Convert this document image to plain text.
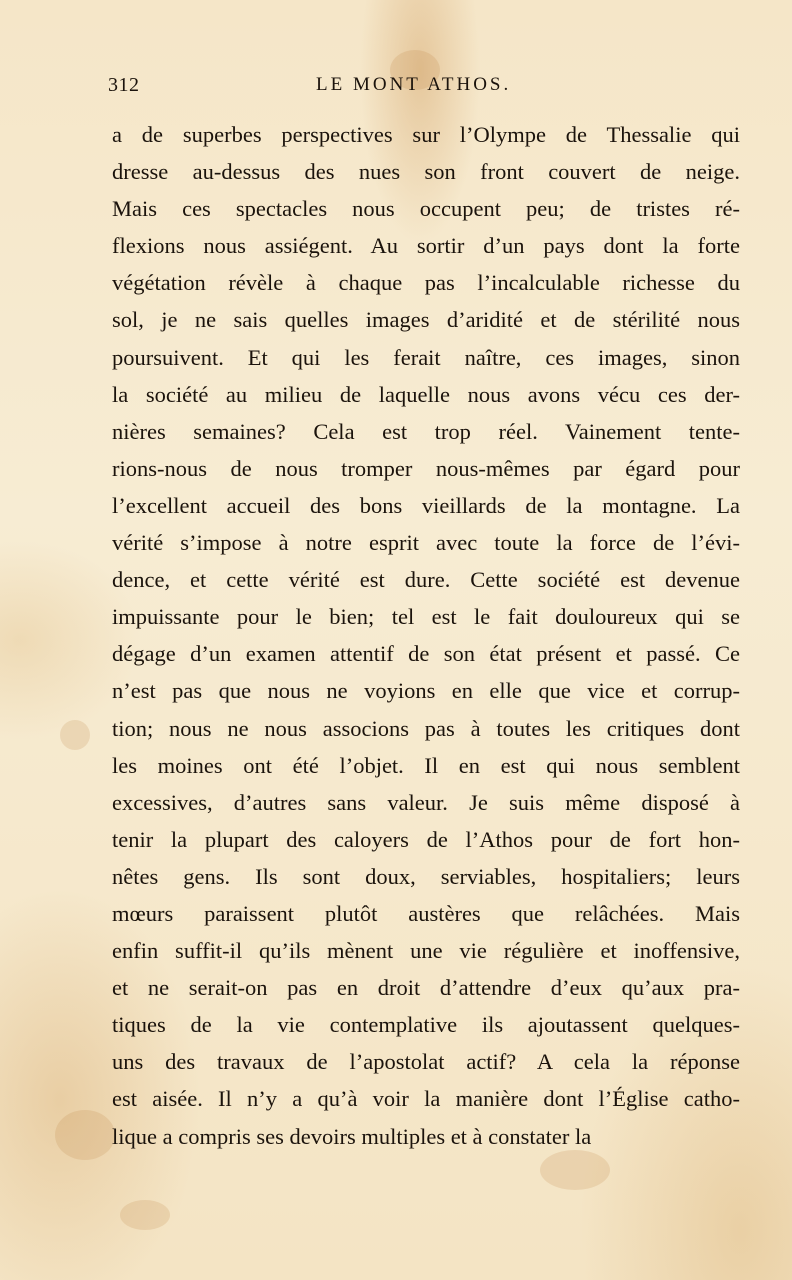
312	LE MONT ATHOS.
a de superbes perspectives sur l’Olympe de Thessalie qui
dresse au-dessus des nues son front couvert de neige.
Mais ces spectacles nous occupent peu; de tristes ré-
flexions nous assiégent. Au sortir d’un pays dont la forte
végétation révèle à chaque pas l’incalculable richesse du
sol, je ne sais quelles images d’aridité et de stérilité nous
poursuivent. Et qui les ferait naître, ces images, sinon
la société au milieu de laquelle nous avons vécu ces der-
nières semaines? Cela est trop réel. Vainement tente-
rions-nous de nous tromper nous-mêmes par égard pour
l’excellent accueil des bons vieillards de la montagne. La
vérité s’impose à notre esprit avec toute la force de l’évi-
dence, et cette vérité est dure. Cette société est devenue
impuissante pour le bien; tel est le fait douloureux qui se
dégage d’un examen attentif de son état présent et passé. Ce
n’est pas que nous ne voyions en elle que vice et corrup-
tion; nous ne nous associons pas à toutes les critiques dont
les moines ont été l’objet. Il en est qui nous semblent
excessives, d’autres sans valeur. Je suis même disposé à
tenir la plupart des caloyers de l’Athos pour de fort hon-
nêtes gens. Ils sont doux, serviables, hospitaliers; leurs
mœurs paraissent plutôt austères que relâchées. Mais
enfin suffit-il qu’ils mènent une vie régulière et inoffensive,
et ne serait-on pas en droit d’attendre d’eux qu’aux pra-
tiques de la vie contemplative ils ajoutassent quelques-
uns des travaux de l’apostolat actif? A cela la réponse
est aisée. Il n’y a qu’à voir la manière dont l’Église catho-
lique a compris ses devoirs multiples et à constater la
